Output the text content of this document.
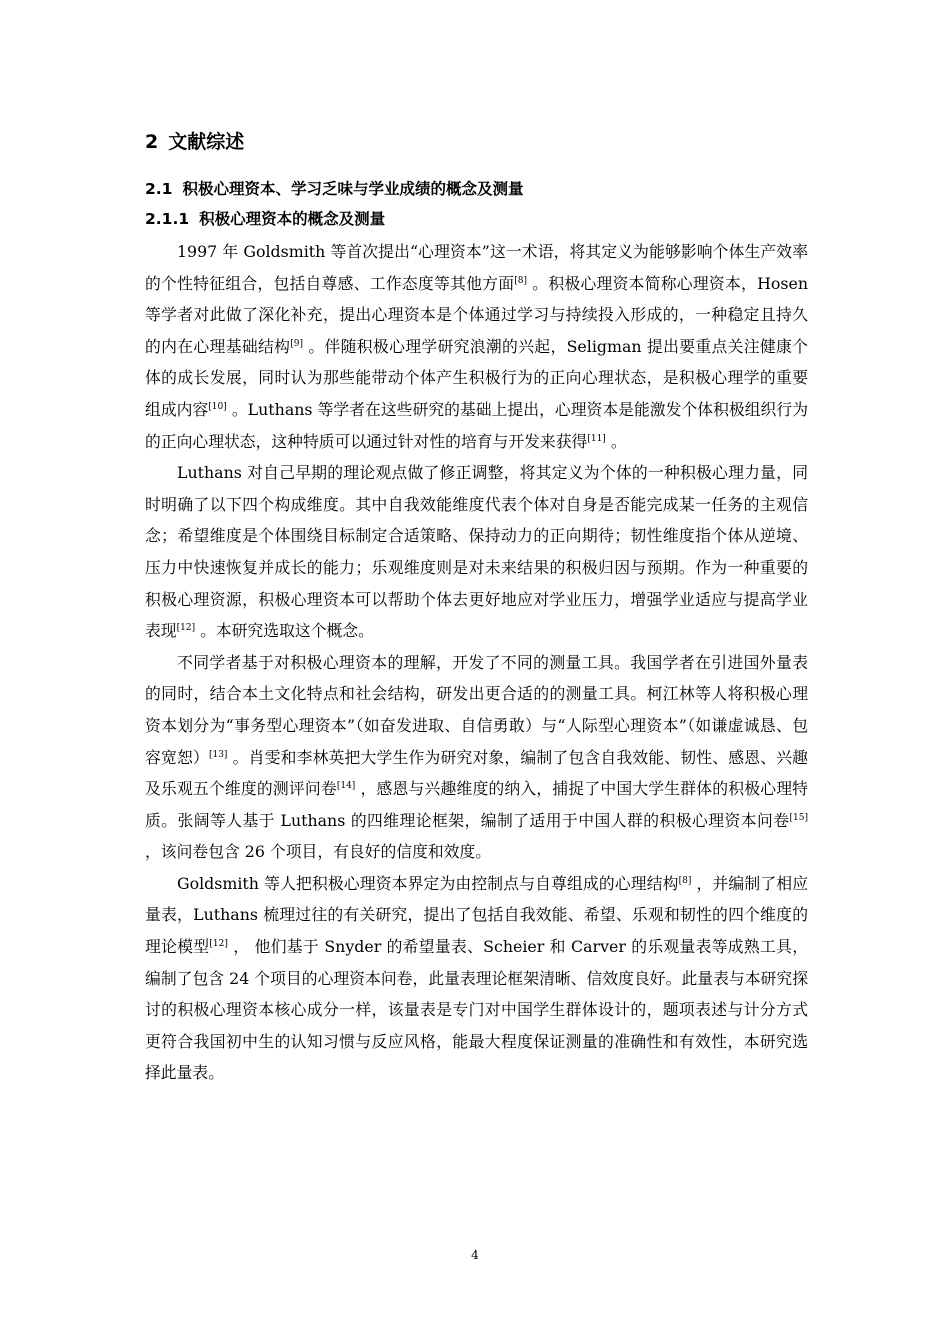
2 文献综述
2.1 积极心理资本、学习乏味与学业成绩的概念及测量
2.1.1 积极心理资本的概念及测量

1997 年 Goldsmith 等首次提出“心理资本”这一术语，将其定义为能够影响个体生产效率的个性特征组合，包括自尊感、工作态度等其他方面[8] 。积极心理资本简称心理资本，Hosen 等学者对此做了深化补充，提出心理资本是个体通过学习与持续投入形成的，一种稳定且持久的内在心理基础结构[9] 。伴随积极心理学研究浪潮的兴起，Seligman 提出要重点关注健康个体的成长发展，同时认为那些能带动个体产生积极行为的正向心理状态，是积极心理学的重要组成内容[10] 。Luthans 等学者在这些研究的基础上提出，心理资本是能激发个体积极组织行为的正向心理状态，这种特质可以通过针对性的培育与开发来获得[11] 。

Luthans 对自己早期的理论观点做了修正调整，将其定义为个体的一种积极心理力量，同时明确了以下四个构成维度。其中自我效能维度代表个体对自身是否能完成某一任务的主观信念；希望维度是个体围绕目标制定合适策略、保持动力的正向期待；韧性维度指个体从逆境、压力中快速恢复并成长的能力；乐观维度则是对未来结果的积极归因与预期。作为一种重要的积极心理资源，积极心理资本可以帮助个体去更好地应对学业压力，增强学业适应与提高学业表现[12] 。本研究选取这个概念。

不同学者基于对积极心理资本的理解，开发了不同的测量工具。我国学者在引进国外量表的同时，结合本土文化特点和社会结构，研发出更合适的的测量工具。柯江林等人将积极心理资本划分为“事务型心理资本”（如奋发进取、自信勇敢）与“人际型心理资本”（如谦虚诚恳、包容宽恕）[13] 。肖雯和李林英把大学生作为研究对象，编制了包含自我效能、韧性、感恩、兴趣及乐观五个维度的测评问卷[14] ，感恩与兴趣维度的纳入，捕捉了中国大学生群体的积极心理特质。张阔等人基于 Luthans 的四维理论框架，编制了适用于中国人群的积极心理资本问卷[15] ，该问卷包含 26 个项目，有良好的信度和效度。

Goldsmith 等人把积极心理资本界定为由控制点与自尊组成的心理结构[8] ，并编制了相应量表，Luthans 梳理过往的有关研究，提出了包括自我效能、希望、乐观和韧性的四个维度的理论模型[12] ， 他们基于 Snyder 的希望量表、Scheier 和 Carver 的乐观量表等成熟工具，编制了包含 24 个项目的心理资本问卷，此量表理论框架清晰、信效度良好。此量表与本研究探讨的积极心理资本核心成分一样，该量表是专门对中国学生群体设计的，题项表述与计分方式更符合我国初中生的认知习惯与反应风格，能最大程度保证测量的准确性和有效性，本研究选择此量表。

4
